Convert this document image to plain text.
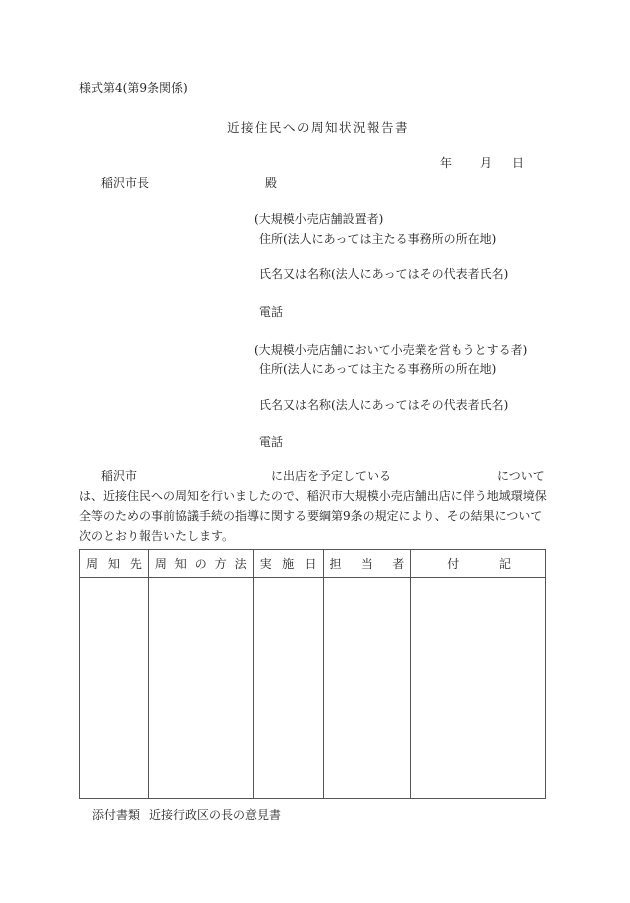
様式第4(第9条関係)
近接住民への周知状況報告書
年 月 日
稲沢市長	殿
(大規模小売店舗設置者)
住所(法人にあっては主たる事務所の所在地)
氏名又は名称(法人にあってはその代表者氏名)
電話
(大規模小売店舗において小売業を営もうとする者)
住所(法人にあっては主たる事務所の所在地)
氏名又は名称(法人にあってはその代表者氏名)
電話
稲沢市	に出店を予定している	について
は、近接住民への周知を行いましたので、稲沢市大規模小売店舗出店に伴う地域環境保
全等のための事前協議手続の指導に関する要綱第9条の規定により、その結果について
次のとおり報告いたします。
周 知 先	周 知 の 方 法	実 施 日	担 当 者	付 記

添付書類 近接行政区の長の意見書
